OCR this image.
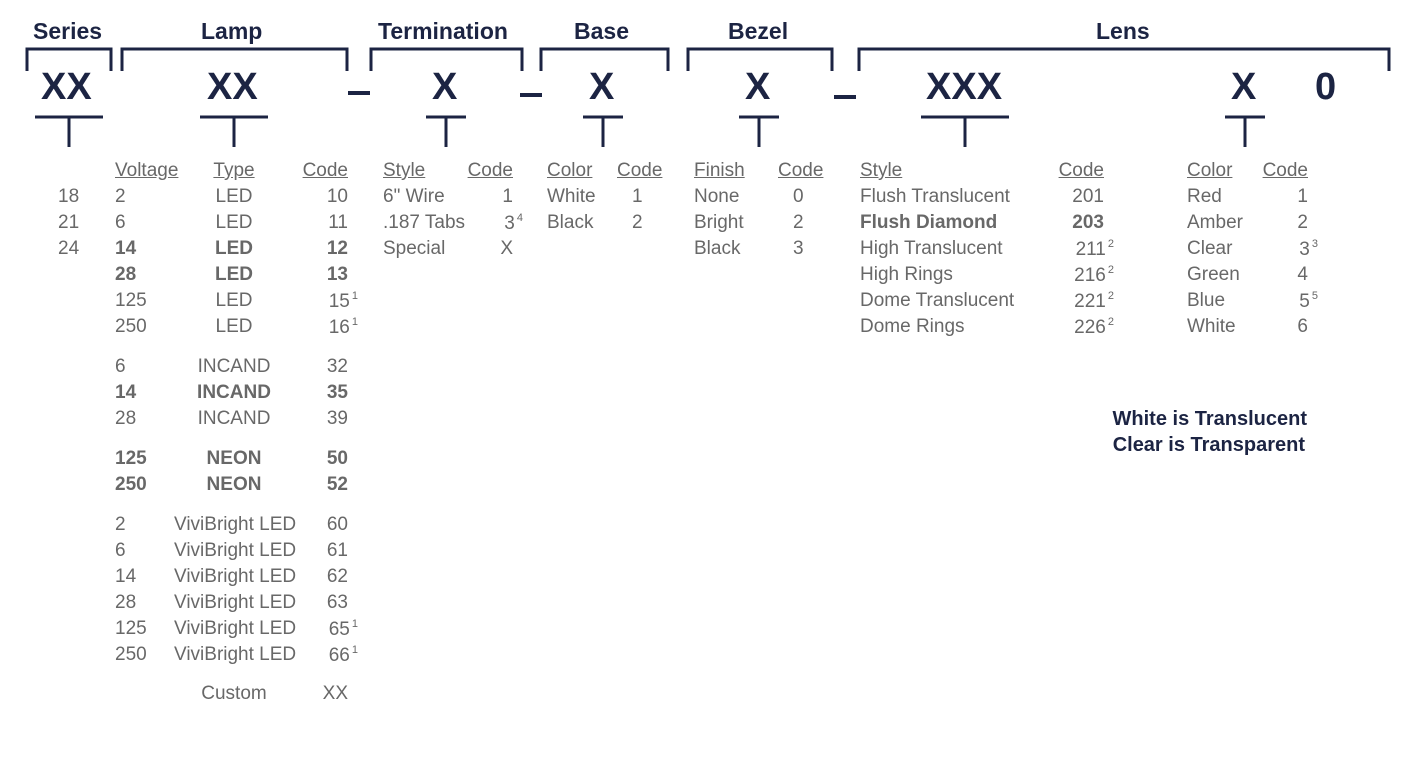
Series	Lamp	Termination	Base	Bezel	Lens
XX	XX	X	X	X	XXX	X 0
18
21
24
Voltage	Type	Code
2	LED	10
6	LED	11
14	LED	12
28	LED	13
125	LED	15 $^1$
250	LED	16 $^1$
6	INCAND	32
14	INCAND	35
28	INCAND	39
125	NEON	50
250	NEON	52
2	ViviBright LED	60
6	ViviBright LED	61
14 ViviBright LED	62
28 ViviBright LED	63
125 ViviBright LED	65 $^1$
250 ViviBright LED	66 $^1$
Custom	XX
Style	Code
6" Wire	1
.187 Tabs	3 $^4$
Special	X
Color Code
White 1
Black 2
Finish Code
None	0
Bright	2
Black	3
Style	Code
Flush Translucent	201
Flush Diamond	203
High Translucent	211 $^2$
High Rings	216 $^2$
Dome Translucent	221 $^2$
Dome Rings	226 $^2$
Color	Code
Red	1
Amber	2
Clear	3 $^3$
Green	4
Blue	5 $^5$
White	6
White is Translucent
Clear is Transparent
